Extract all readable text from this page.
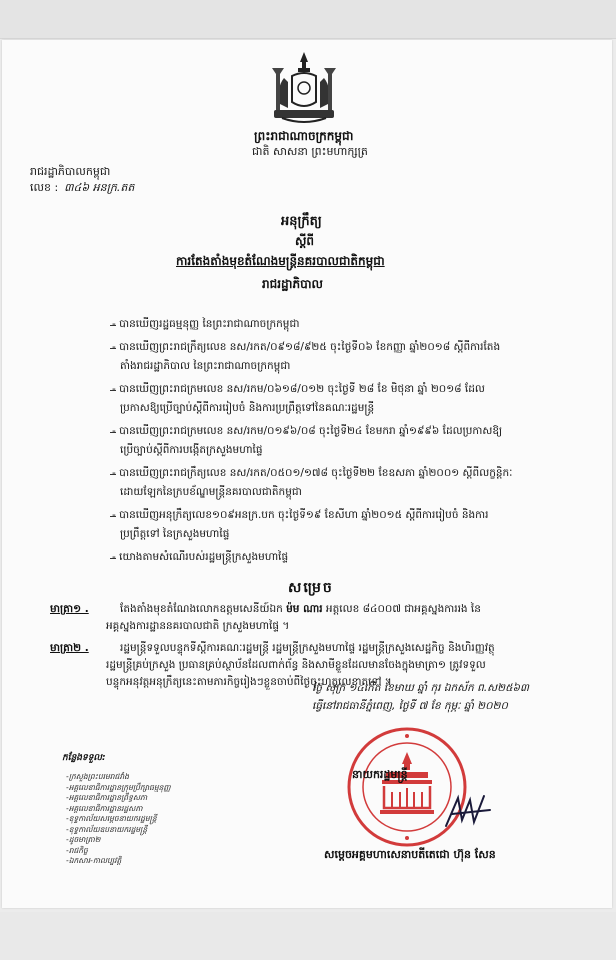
ព្រះរាជាណាចក្រកម្ពុជា
ជាតិ សាសនា ព្រះមហាក្សត្រ
រាជរដ្ឋាភិបាលកម្ពុជា
លេខ : ៣៤៦ អនក្រ.តត
អនុក្រឹត្យ
ស្តីពី
ការតែងតាំងមុខតំណែងមន្ត្រីនគរបាលជាតិកម្ពុជា
រាជរដ្ឋាភិបាល
- បានឃើញរដ្ឋធម្មនុញ្ញ នៃព្រះរាជាណាចក្រកម្ពុជា
- បានឃើញព្រះរាជក្រឹត្យលេខ នស/រកត/០៩១៨/៩២៥ ចុះថ្ងៃទី០៦ ខែកញ្ញា ឆ្នាំ២០១៨ ស្តីពីការតែង
តាំងរាជរដ្ឋាភិបាល នៃព្រះរាជាណាចក្រកម្ពុជា
- បានឃើញព្រះរាជក្រមលេខ នស/រកម/០៦១៨/០១២ ចុះថ្ងៃទី ២៨ ខែ មិថុនា ឆ្នាំ ២០១៨ ដែល
ប្រកាសឱ្យប្រើច្បាប់ស្តីពីការរៀបចំ និងការប្រព្រឹត្តទៅនៃគណៈរដ្ឋមន្ត្រី
- បានឃើញព្រះរាជក្រមលេខ នស/រកម/០១៩៦/០៨ ចុះថ្ងៃទី២៤ ខែមករា ឆ្នាំ១៩៩៦ ដែលប្រកាសឱ្យ
ប្រើច្បាប់ស្តីពីការបង្កើតក្រសួងមហាផ្ទៃ
- បានឃើញព្រះរាជក្រឹត្យលេខ នស/រកត/០៥០១/១៧៨ ចុះថ្ងៃទី២២ ខែឧសភា ឆ្នាំ២០០១ ស្តីពីលក្ខន្តិកៈ
ដោយឡែកនៃក្របខ័ណ្ឌមន្ត្រីនគរបាលជាតិកម្ពុជា
- បានឃើញអនុក្រឹត្យលេខ១០៩អនក្រ.បក ចុះថ្ងៃទី១៩ ខែសីហា ឆ្នាំ២០១៥ ស្តីពីការរៀបចំ និងការ
ប្រព្រឹត្តទៅ នៃក្រសួងមហាផ្ទៃ
- យោងតាមសំណើរបស់រដ្ឋមន្ត្រីក្រសួងមហាផ្ទៃ
សម្រេច
មាត្រា១ .	តែងតាំងមុខតំណែងលោកឧត្តមសេនីយ៍ឯក ម៉ម ណារ អត្តលេខ ៨៤០០៧ ជាអគ្គស្នងការរង នៃ
អគ្គស្នងការដ្ឋាននគរបាលជាតិ ក្រសួងមហាផ្ទៃ ។
មាត្រា២ .	រដ្ឋមន្ត្រីទទួលបន្ទុកទីស្តីការគណៈរដ្ឋមន្ត្រី រដ្ឋមន្ត្រីក្រសួងមហាផ្ទៃ រដ្ឋមន្ត្រីក្រសួងសេដ្ឋកិច្ច និងហិរញ្ញវត្ថុ
រដ្ឋមន្ត្រីគ្រប់ក្រសួង ប្រធានគ្រប់ស្ថាប័នដែលពាក់ព័ន្ធ និងសាមីខ្លួនដែលមានចែងក្នុងមាត្រា១ ត្រូវទទួល
បន្ទុកអនុវត្តអនុក្រឹត្យនេះតាមភារកិច្ចរៀងៗខ្លួនចាប់ពីថ្ងៃចុះហត្ថលេខាតទៅ ។
ថ្ងៃ សុក្រ ១៤កើត ខែមាឃ ឆ្នាំ កុរ ឯកស័ក ព.ស២៥៦៣
ធ្វើនៅរាជធានីភ្នំពេញ, ថ្ងៃទី ៧ ខែ កុម្ភៈ ឆ្នាំ ២០២០
នាយករដ្ឋមន្ត្រី
កន្លែងទទួល:
-ក្រសួងព្រះបរមរាជវាំង
-អគ្គលេខាធិការដ្ឋានក្រុមប្រឹក្សាធម្មនុញ្ញ
-អគ្គលេខាធិការដ្ឋានព្រឹទ្ធសភា
-អគ្គលេខាធិការដ្ឋានរដ្ឋសភា
-ខុទ្ទកាល័យសម្តេចនាយករដ្ឋមន្ត្រី
-ខុទ្ទកាល័យឧបនាយករដ្ឋមន្ត្រី
-ដូចមាត្រា២
-រាជកិច្ច
-ឯកសារ-កាលប្បវត្តិ	សម្តេចអគ្គមហាសេនាបតីតេជោ ហ៊ុន សែន
